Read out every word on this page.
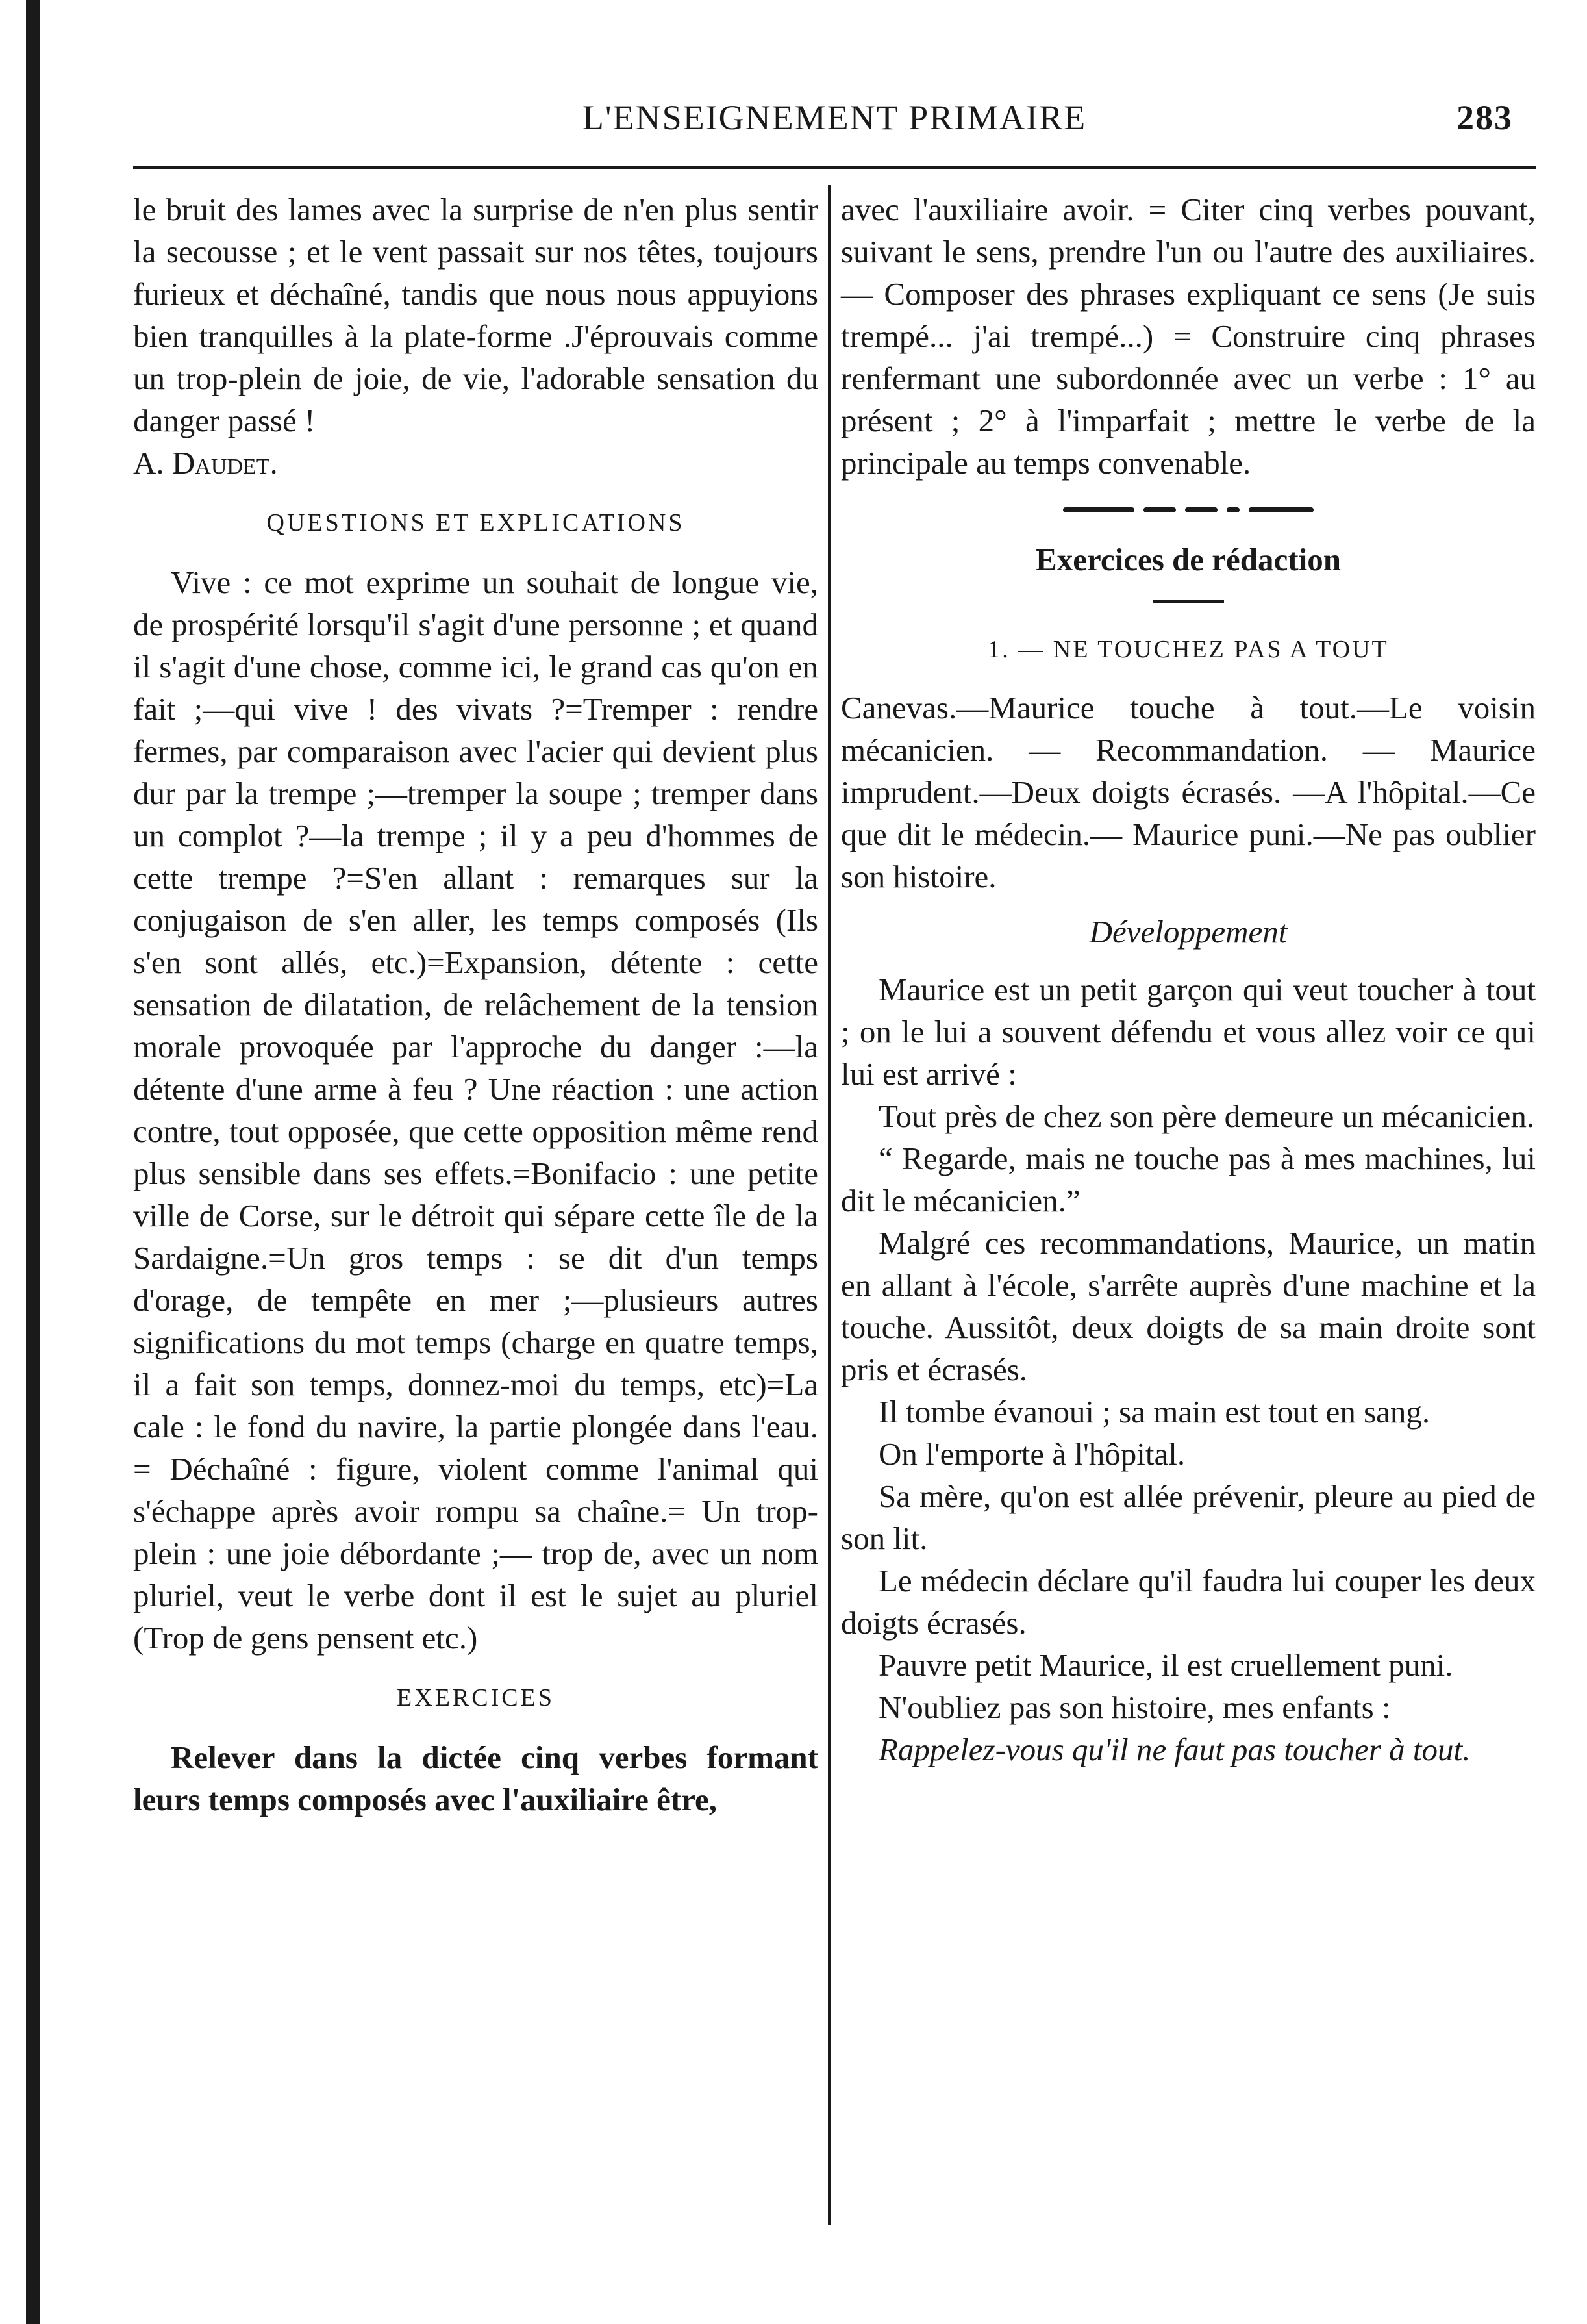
L'ENSEIGNEMENT PRIMAIRE	283

le bruit des lames avec la surprise de n'en plus sentir la secousse ; et le vent passait sur nos têtes, toujours furieux et déchaîné, tandis que nous nous appuyions bien tranquilles à la plate-forme .J'éprouvais comme un trop-plein de joie, de vie, l'adorable sensation du danger passé !

A. Daudet.

QUESTIONS ET EXPLICATIONS

Vive : ce mot exprime un souhait de longue vie, de prospérité lorsqu'il s'agit d'une personne ; et quand il s'agit d'une chose, comme ici, le grand cas qu'on en fait ;—qui vive ! des vivats ?=Tremper : rendre fermes, par comparaison avec l'acier qui devient plus dur par la trempe ;—tremper la soupe ; tremper dans un complot ?—la trempe ; il y a peu d'hommes de cette trempe ?=S'en allant : remarques sur la conjugaison de s'en aller, les temps composés (Ils s'en sont allés, etc.)=Expansion, détente : cette sensation de dilatation, de relâchement de la tension morale provoquée par l'approche du danger :—la détente d'une arme à feu ? Une réaction : une action contre, tout opposée, que cette opposition même rend plus sensible dans ses effets.=Bonifacio : une petite ville de Corse, sur le détroit qui sépare cette île de la Sardaigne.=Un gros temps : se dit d'un temps d'orage, de tempête en mer ;—plusieurs autres significations du mot temps (charge en quatre temps, il a fait son temps, donnez-moi du temps, etc)=La cale : le fond du navire, la partie plongée dans l'eau. = Déchaîné : figure, violent comme l'animal qui s'échappe après avoir rompu sa chaîne.= Un trop-plein : une joie débordante ;— trop de, avec un nom pluriel, veut le verbe dont il est le sujet au pluriel (Trop de gens pensent etc.)

EXERCICES

Relever dans la dictée cinq verbes formant leurs temps composés avec l'auxiliaire être,

avec l'auxiliaire avoir. = Citer cinq verbes pouvant, suivant le sens, prendre l'un ou l'autre des auxiliaires.— Composer des phrases expliquant ce sens (Je suis trempé... j'ai trempé...) = Construire cinq phrases renfermant une subordonnée avec un verbe : 1° au présent ; 2° à l'imparfait ; mettre le verbe de la principale au temps convenable.

Exercices de rédaction
1. — NE TOUCHEZ PAS A TOUT

Canevas.—Maurice touche à tout.—Le voisin mécanicien. — Recommandation. — Maurice imprudent.—Deux doigts écrasés. —A l'hôpital.—Ce que dit le médecin.— Maurice puni.—Ne pas oublier son histoire.

Développement

Maurice est un petit garçon qui veut toucher à tout ; on le lui a souvent défendu et vous allez voir ce qui lui est arrivé :

Tout près de chez son père demeure un mécanicien.

“ Regarde, mais ne touche pas à mes machines, lui dit le mécanicien.”

Malgré ces recommandations, Maurice, un matin en allant à l'école, s'arrête auprès d'une machine et la touche. Aussitôt, deux doigts de sa main droite sont pris et écrasés.

Il tombe évanoui ; sa main est tout en sang.

On l'emporte à l'hôpital.

Sa mère, qu'on est allée prévenir, pleure au pied de son lit.

Le médecin déclare qu'il faudra lui couper les deux doigts écrasés.

Pauvre petit Maurice, il est cruellement puni.

N'oubliez pas son histoire, mes enfants :

Rappelez-vous qu'il ne faut pas toucher à tout.
